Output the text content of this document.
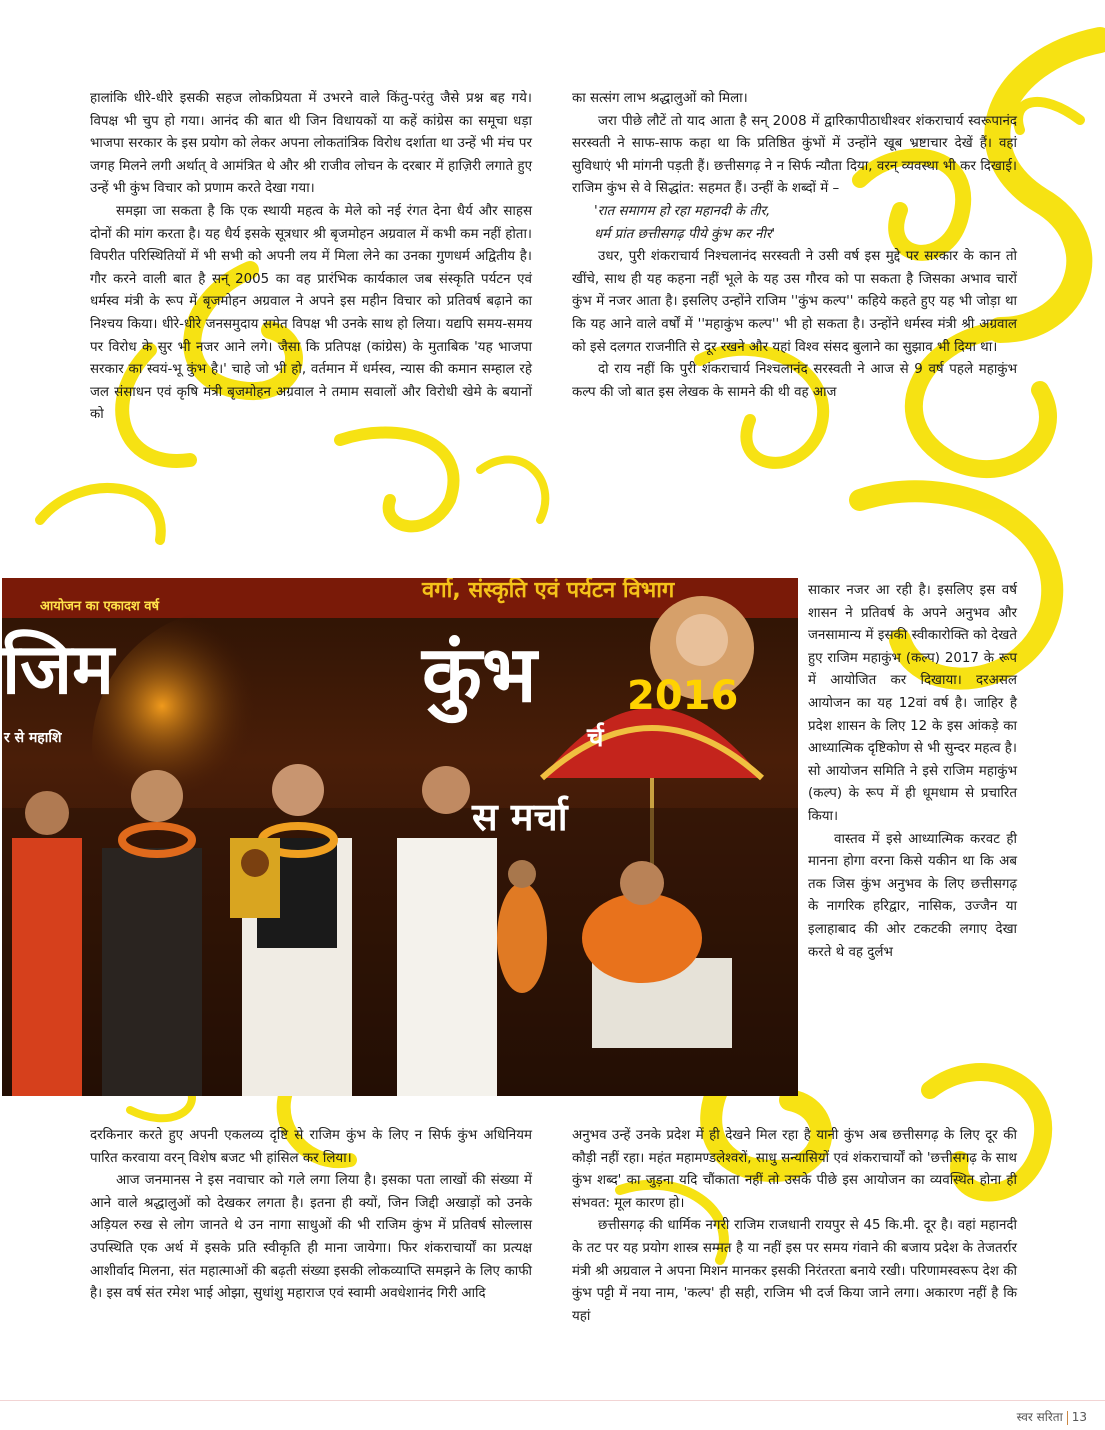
हालांकि धीरे-धीरे इसकी सहज लोकप्रियता में उभरने वाले किंतु-परंतु जैसे प्रश्न बह गये। विपक्ष भी चुप हो गया। आनंद की बात थी जिन विधायकों या कहें कांग्रेस का समूचा धड़ा भाजपा सरकार के इस प्रयोग को लेकर अपना लोकतांत्रिक विरोध दर्शाता था उन्हें भी मंच पर जगह मिलने लगी अर्थात् वे आमंत्रित थे और श्री राजीव लोचन के दरबार में हाज़िरी लगाते हुए उन्हें भी कुंभ विचार को प्रणाम करते देखा गया।

समझा जा सकता है कि एक स्थायी महत्व के मेले को नई रंगत देना धैर्य और साहस दोनों की मांग करता है। यह धैर्य इसके सूत्रधार श्री बृजमोहन अग्रवाल में कभी कम नहीं होता। विपरीत परिस्थितियों में भी सभी को अपनी लय में मिला लेने का उनका गुणधर्म अद्वितीय है। गौर करने वाली बात है सन् 2005 का वह प्रारंभिक कार्यकाल जब संस्कृति पर्यटन एवं धर्मस्व मंत्री के रूप में बृजमोहन अग्रवाल ने अपने इस महीन विचार को प्रतिवर्ष बढ़ाने का निश्चय किया। धीरे-धीरे जनसमुदाय समेत विपक्ष भी उनके साथ हो लिया। यद्यपि समय-समय पर विरोध के सुर भी नजर आने लगे। जैसा कि प्रतिपक्ष (कांग्रेस) के मुताबिक 'यह भाजपा सरकार का स्वयं-भू कुंभ है।' चाहे जो भी हो, वर्तमान में धर्मस्व, न्यास की कमान सम्हाल रहे जल संसाधन एवं कृषि मंत्री बृजमोहन अग्रवाल ने तमाम सवालों और विरोधी खेमे के बयानों को

का सत्संग लाभ श्रद्धालुओं को मिला।

जरा पीछे लौटें तो याद आता है सन् 2008 में द्वारिकापीठाधीश्वर शंकराचार्य स्वरूपानंद सरस्वती ने साफ-साफ कहा था कि प्रतिष्ठित कुंभों में उन्होंने खूब भ्रष्टाचार देखें हैं। वहां सुविधाएं भी मांगनी पड़ती हैं। छत्तीसगढ़ ने न सिर्फ न्यौता दिया, वरन् व्यवस्था भी कर दिखाई। राजिम कुंभ से वे सिद्धांत: सहमत हैं। उन्हीं के शब्दों में –

'रात समागम हो रहा महानदी के तीर,

धर्म प्रांत छत्तीसगढ़ पीये कुंभ कर नीर'

उधर, पुरी शंकराचार्य निश्चलानंद सरस्वती ने उसी वर्ष इस मुद्दे पर सरकार के कान तो खींचे, साथ ही यह कहना नहीं भूले के यह उस गौरव को पा सकता है जिसका अभाव चारों कुंभ में नजर आता है। इसलिए उन्होंने राजिम ''कुंभ कल्प'' कहिये कहते हुए यह भी जोड़ा था कि यह आने वाले वर्षों में ''महाकुंभ कल्प'' भी हो सकता है। उन्होंने धर्मस्व मंत्री श्री अग्रवाल को इसे दलगत राजनीति से दूर रखने और यहां विश्व संसद बुलाने का सुझाव भी दिया था।

दो राय नहीं कि पुरी शंकराचार्य निश्चलानंद सरस्वती ने आज से 9 वर्ष पहले महाकुंभ कल्प की जो बात इस लेखक के सामने की थी वह आज

वर्गा, संस्कृति एवं पर्यटन विभाग
आयोजन का एकादश वर्ष
जिम	कुंभ 2016
र से महाशि	र्च
स मर्चा

साकार नजर आ रही है। इसलिए इस वर्ष शासन ने प्रतिवर्ष के अपने अनुभव और जनसामान्य में इसकी स्वीकारोक्ति को देखते हुए राजिम महाकुंभ (कल्प) 2017 के रूप में आयोजित कर दिखाया। दरअसल आयोजन का यह 12वां वर्ष है। जाहिर है प्रदेश शासन के लिए 12 के इस आंकड़े का आध्यात्मिक दृष्टिकोण से भी सुन्दर महत्व है। सो आयोजन समिति ने इसे राजिम महाकुंभ (कल्प) के रूप में ही धूमधाम से प्रचारित किया।

वास्तव में इसे आध्यात्मिक करवट ही मानना होगा वरना किसे यकीन था कि अब तक जिस कुंभ अनुभव के लिए छत्तीसगढ़ के नागरिक हरिद्वार, नासिक, उज्जैन या इलाहाबाद की ओर टकटकी लगाए देखा करते थे वह दुर्लभ

दरकिनार करते हुए अपनी एकलव्य दृष्टि से राजिम कुंभ के लिए न सिर्फ कुंभ अधिनियम पारित करवाया वरन् विशेष बजट भी हांसिल कर लिया।

आज जनमानस ने इस नवाचार को गले लगा लिया है। इसका पता लाखों की संख्या में आने वाले श्रद्धालुओं को देखकर लगता है। इतना ही क्यों, जिन जिद्दी अखाड़ों को उनके अड़ियल रुख से लोग जानते थे उन नागा साधुओं की भी राजिम कुंभ में प्रतिवर्ष सोल्लास उपस्थिति एक अर्थ में इसके प्रति स्वीकृति ही माना जायेगा। फिर शंकराचार्यों का प्रत्यक्ष आशीर्वाद मिलना, संत महात्माओं की बढ़ती संख्या इसकी लोकव्याप्ति समझने के लिए काफी है। इस वर्ष संत रमेश भाई ओझा, सुधांशु महाराज एवं स्वामी अवधेशानंद गिरी आदि

अनुभव उन्हें उनके प्रदेश में ही देखने मिल रहा है यानी कुंभ अब छत्तीसगढ़ के लिए दूर की कौड़ी नहीं रहा। महंत महामण्डलेश्वरों, साधु सन्यासियों एवं शंकराचार्यों को 'छत्तीसगढ़ के साथ कुंभ शब्द' का जुड़ना यदि चौंकाता नहीं तो उसके पीछे इस आयोजन का व्यवस्थित होना ही संभवत: मूल कारण हो।

छत्तीसगढ़ की धार्मिक नगरी राजिम राजधानी रायपुर से 45 कि.मी. दूर है। वहां महानदी के तट पर यह प्रयोग शास्त्र सम्मत है या नहीं इस पर समय गंवाने की बजाय प्रदेश के तेजतर्रार मंत्री श्री अग्रवाल ने अपना मिशन मानकर इसकी निरंतरता बनाये रखी। परिणामस्वरूप देश की कुंभ पट्टी में नया नाम, 'कल्प' ही सही, राजिम भी दर्ज किया जाने लगा। अकारण नहीं है कि यहां

स्वर सरिता 13
